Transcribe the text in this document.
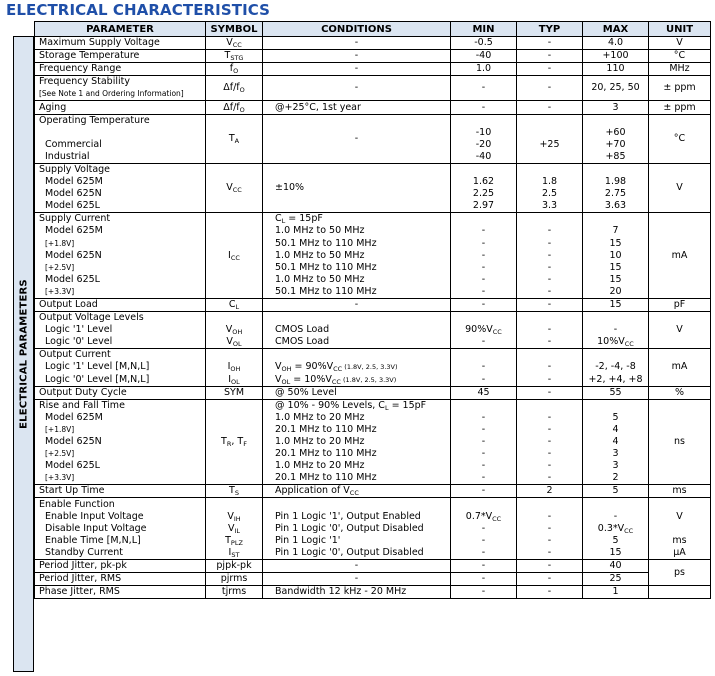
ELECTRICAL CHARACTERISTICS
ELECTRICAL PARAMETERS
PARAMETER	SYMBOL	CONDITIONS	MIN	TYP	MAX	UNIT
Maximum Supply Voltage	$V_{CC}$	-	-0.5	-	4.0	V
Storage Temperature	$T_{STG}$	-	-40	-	+100	°C
Frequency Range	$f_O$	-	1.0	-	110	MHz
Frequency Stability	$\Delta f/f_O$	-	-	-	20, 25, 50	± ppm
[See Note 1 and Ordering Information]						
Aging	$\Delta f/f_O$	@+25°C, 1st year	-	-	3	± ppm
Operating Temperature	$T_A$	-				°C
			-10		+60	
Commercial			-20	+25	+70	
Industrial			-40		+85	
Supply Voltage	$V_{CC}$	±10%				V
Model 625M			1.62	1.8	1.98	
Model 625N			2.25	2.5	2.75	
Model 625L			2.97	3.3	3.63	
Supply Current	$I_{CC}$	$C_L = 15pF$				mA
Model 625M		1.0 MHz to 50 MHz	-	-	7	
[+1.8V]		50.1 MHz to 110 MHz	-	-	15	
Model 625N		1.0 MHz to 50 MHz	-	-	10	
[+2.5V]		50.1 MHz to 110 MHz	-	-	15	
Model 625L		1.0 MHz to 50 MHz	-	-	15	
[+3.3V]		50.1 MHz to 110 MHz	-	-	20	
Output Load	$C_L$	-	-	-	15	pF
Output Voltage Levels						V
Logic '1' Level	$V_{OH}$	CMOS Load	$90\%V_{CC}$	-	-	
Logic '0' Level	$V_{OL}$	CMOS Load	-	-	$10\%V_{CC}$
Output Current						mA
Logic '1' Level [M,N,L]	$I_{OH}$	$V_{OH} = 90\%V_{CC}$ (1.8V, 2.5, 3.3V)	-	-	-2, -4, -8	
Logic '0' Level [M,N,L]	$I_{OL}$	$V_{OL} = 10\%V_{CC}$ (1.8V, 2.5, 3.3V)	-	-	+2, +4, +8	
Output Duty Cycle	SYM	@ 50% Level	45	-	55	%
Rise and Fall Time	$T_R$, $T_F$	@ 10% - 90% Levels, $C_L = 15pF$				ns
Model 625M		1.0 MHz to 20 MHz	-	-	5	
[+1.8V]		20.1 MHz to 110 MHz	-	-	4	
Model 625N		1.0 MHz to 20 MHz	-	-	4	
[+2.5V]		20.1 MHz to 110 MHz	-	-	3	
Model 625L		1.0 MHz to 20 MHz	-	-	3	
[+3.3V]		20.1 MHz to 110 MHz	-	-	2	
Start Up Time	$T_S$	Application of $V_{CC}$	-	2	5	ms
Enable Function						V
Enable Input Voltage	$V_{IH}$	Pin 1 Logic '1', Output Enabled	$0.7*V_{CC}$	-	-	
Disable Input Voltage	$V_{IL}$	Pin 1 Logic '0', Output Disabled	-	-	$0.3*V_{CC}$
Enable Time [M,N,L]	$T_{PLZ}$	Pin 1 Logic '1'	-	-	5	ms
Standby Current	$I_{ST}$	Pin 1 Logic '0', Output Disabled	-	-	15	μA
Period Jitter, pk-pk	pjpk-pk	-	-	-	40	ps
Period Jitter, RMS	pjrms	-	-	-	25	
Phase Jitter, RMS	tjrms	Bandwidth 12 kHz - 20 MHz	-	-	1	
